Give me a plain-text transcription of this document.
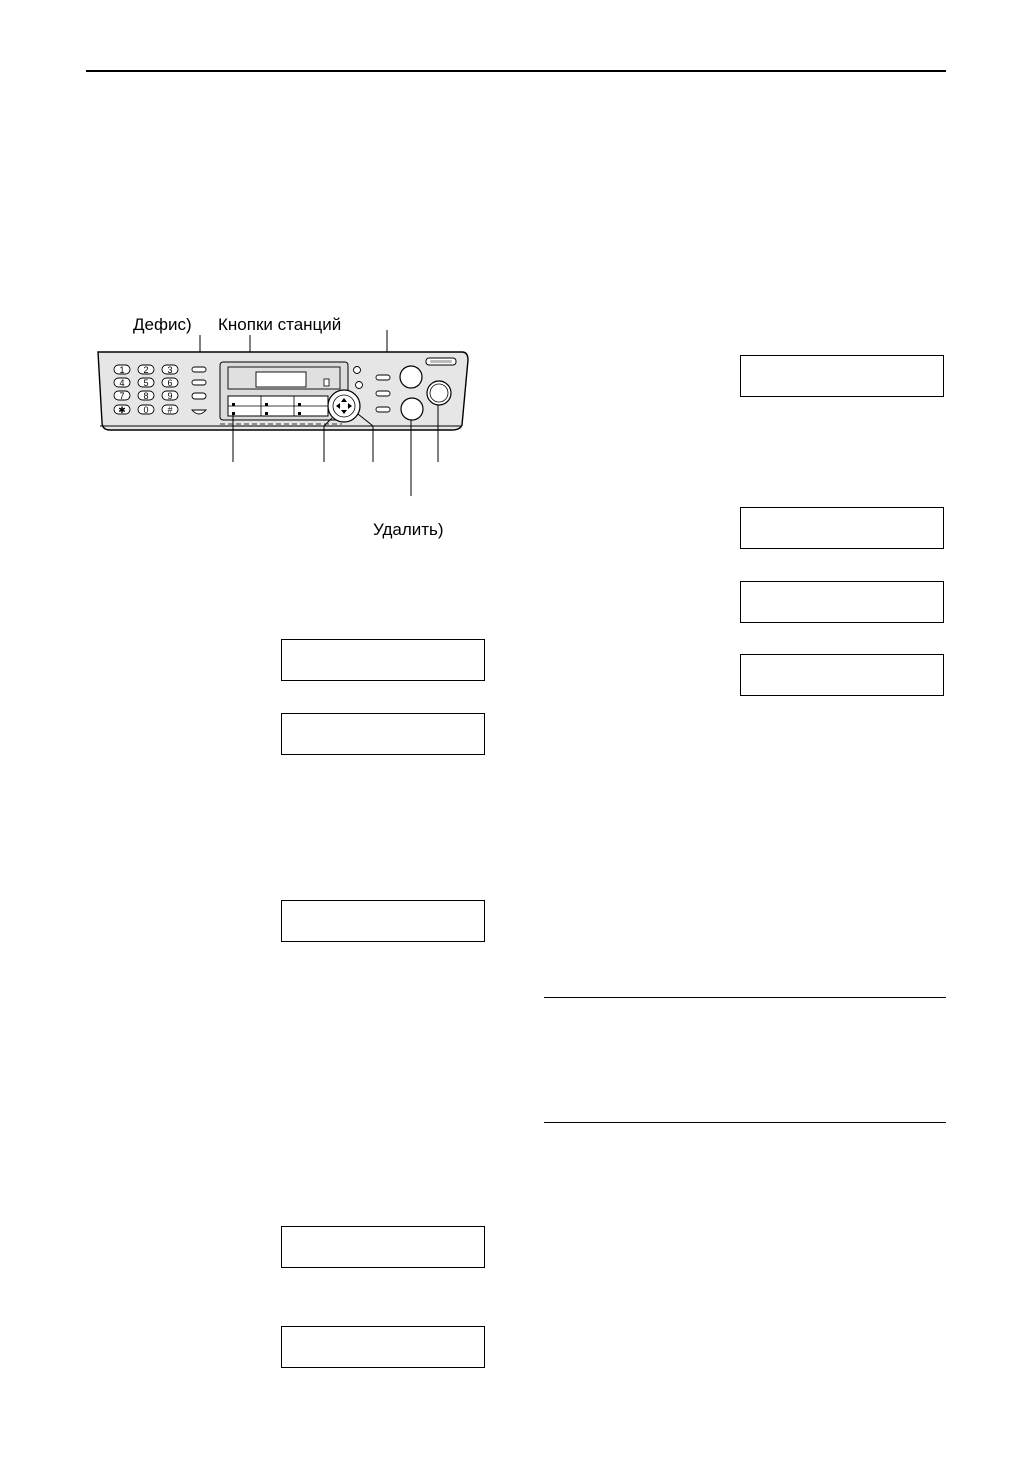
Дефис) Кнопки станций
Удалить)
1 2 3
4 5 6
7 8 9
✱ 0 #
